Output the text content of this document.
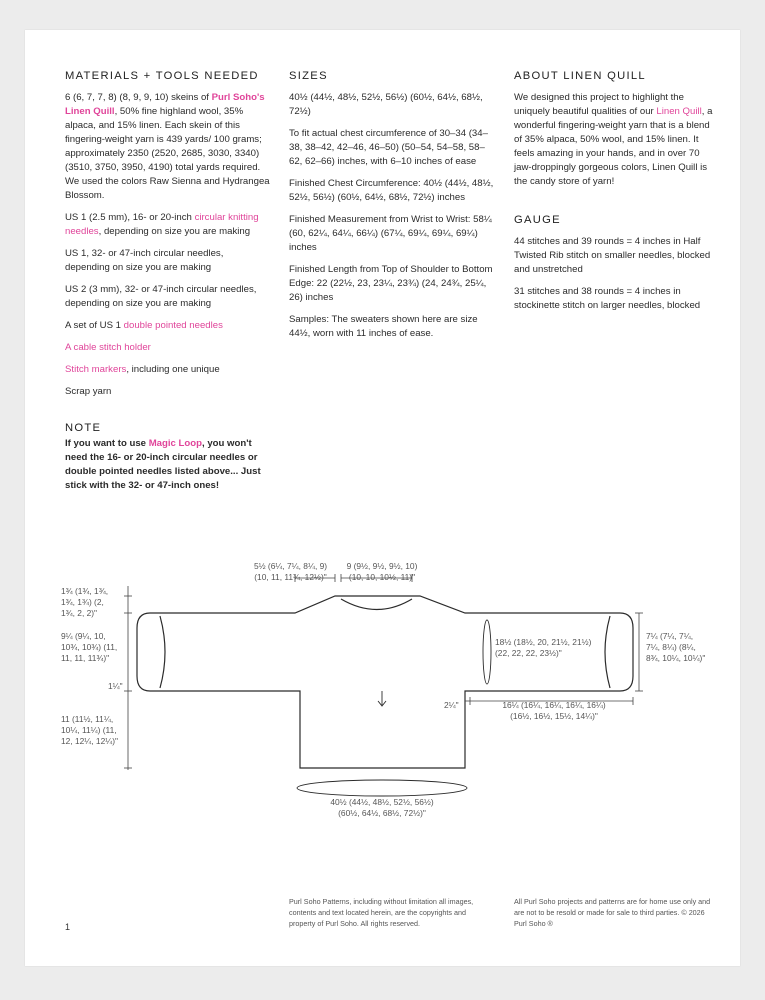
MATERIALS + TOOLS NEEDED

6 (6, 7, 7, 8) (8, 9, 9, 10) skeins of Purl Soho's Linen Quill, 50% fine highland wool, 35% alpaca, and 15% linen. Each skein of this fingering-weight yarn is 439 yards/ 100 grams; approximately 2350 (2520, 2685, 3030, 3340) (3510, 3750, 3950, 4190) total yards required. We used the colors Raw Sienna and Hydrangea Blossom.

US 1 (2.5 mm), 16- or 20-inch circular knitting needles, depending on size you are making

US 1, 32- or 47-inch circular needles, depending on size you are making

US 2 (3 mm), 32- or 47-inch circular needles, depending on size you are making

A set of US 1 double pointed needles

A cable stitch holder

Stitch markers, including one unique

Scrap yarn

NOTE

If you want to use Magic Loop, you won't need the 16- or 20-inch circular needles or double pointed needles listed above... Just stick with the 32- or 47-inch ones!

SIZES

40½ (44½, 48½, 52½, 56½) (60½, 64½, 68½, 72½)

To fit actual chest circumference of 30–34 (34–38, 38–42, 42–46, 46–50) (50–54, 54–58, 58–62, 62–66) inches, with 6–10 inches of ease

Finished Chest Circumference: 40½ (44½, 48½, 52½, 56½) (60½, 64½, 68½, 72½) inches

Finished Measurement from Wrist to Wrist: 58¼ (60, 62¼, 64¼, 66¼) (67¼, 69¼, 69¼, 69¼) inches

Finished Length from Top of Shoulder to Bottom Edge: 22 (22½, 23, 23¼, 23¾) (24, 24¾, 25¼, 26) inches

Samples: The sweaters shown here are size 44½, worn with 11 inches of ease.

ABOUT LINEN QUILL

We designed this project to highlight the uniquely beautiful qualities of our Linen Quill, a wonderful fingering-weight yarn that is a blend of 35% alpaca, 50% wool, and 15% linen. It feels amazing in your hands, and in over 70 jaw-droppingly gorgeous colors, Linen Quill is the candy store of yarn!

GAUGE

44 stitches and 39 rounds = 4 inches in Half Twisted Rib stitch on smaller needles, blocked and unstretched

31 stitches and 38 rounds = 4 inches in stockinette stitch on larger needles, blocked

5½ (6¼, 7¼, 8¼, 9)
(10, 11, 11¾, 12½)"
9 (9½, 9½, 9½, 10)
(10, 10, 10½, 11)"
1¾ (1¾, 1¾,
1¾, 1¾) (2,
1¾, 2, 2)"
9¼ (9¼, 10,
10¾, 10¾) (11,
11, 11, 11¾)"
1¼"
11 (11½, 11¼,
10¼, 11¼) (11,
12, 12¼, 12¼)"
18½ (18½, 20, 21½, 21½)
(22, 22, 22, 23½)"
7¼ (7¼, 7¼,
7¼, 8¼) (8¼,
8¾, 10¼, 10¼)"
2¼"	16¼ (16¼, 16¼, 16¼, 16¼)
(16½, 16½, 15½, 14¼)"
40½ (44½, 48½, 52½, 56½)
(60½, 64½, 68½, 72½)"
Purl Soho Patterns, including without limitation all images, contents and text located herein, are the copyrights and property of Purl Soho. All rights reserved.
All Purl Soho projects and patterns are for home use only and are not to be resold or made for sale to third parties. © 2026 Purl Soho ®
1
